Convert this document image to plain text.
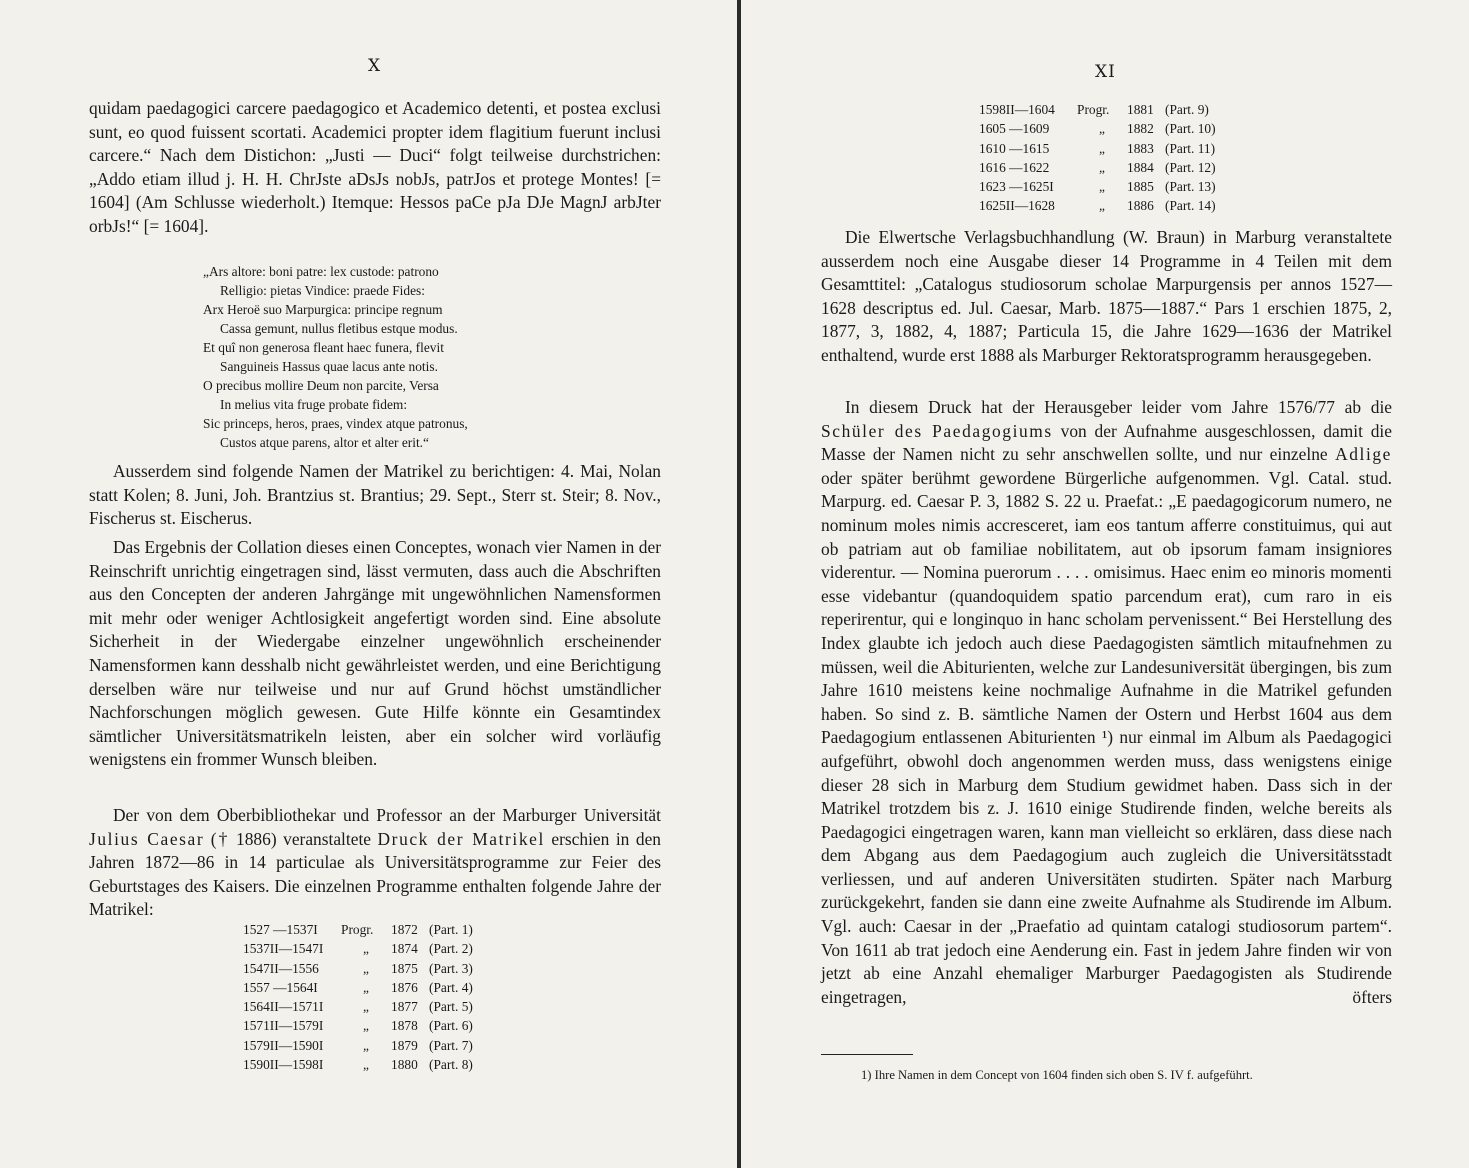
X

quidam paedagogici carcere paedagogico et Academico detenti, et postea exclusi sunt, eo quod fuissent scortati. Academici propter idem flagitium fuerunt inclusi carcere.“ Nach dem Distichon: „Justi — Duci“ folgt teilweise durchstrichen: „Addo etiam illud j. H. H. ChrJste aDsJs nobJs, patrJos et protege Montes! [= 1604] (Am Schlusse wiederholt.) Itemque: Hessos paCe pJa DJe MagnJ arbJter orbJs!“ [= 1604].

„Ars altore: boni patre: lex custode: patrono
Relligio: pietas Vindice: praede Fides:
Arx Heroë suo Marpurgica: principe regnum
Cassa gemunt, nullus fletibus estque modus.
Et quî non generosa fleant haec funera, flevit
Sanguineis Hassus quae lacus ante notis.
O precibus mollire Deum non parcite, Versa
In melius vita fruge probate fidem:
Sic princeps, heros, praes, vindex atque patronus,
Custos atque parens, altor et alter erit.“

Ausserdem sind folgende Namen der Matrikel zu berichtigen: 4. Mai, Nolan statt Kolen; 8. Juni, Joh. Brantzius st. Brantius; 29. Sept., Sterr st. Steir; 8. Nov., Fischerus st. Eischerus.

Das Ergebnis der Collation dieses einen Conceptes, wonach vier Namen in der Reinschrift unrichtig eingetragen sind, lässt vermuten, dass auch die Abschriften aus den Concepten der anderen Jahrgänge mit ungewöhnlichen Namensformen mit mehr oder weniger Achtlosigkeit angefertigt worden sind. Eine absolute Sicherheit in der Wiedergabe einzelner ungewöhnlich erscheinender Namensformen kann desshalb nicht gewährleistet werden, und eine Berichtigung derselben wäre nur teilweise und nur auf Grund höchst umständlicher Nachforschungen möglich gewesen. Gute Hilfe könnte ein Gesamtindex sämtlicher Universitätsmatrikeln leisten, aber ein solcher wird vorläufig wenigstens ein frommer Wunsch bleiben.

Der von dem Oberbibliothekar und Professor an der Marburger Universität Julius Caesar († 1886) veranstaltete Druck der Matrikel erschien in den Jahren 1872—86 in 14 particulae als Universitätsprogramme zur Feier des Geburtstages des Kaisers. Die einzelnen Programme enthalten folgende Jahre der Matrikel:

1527 —1537I	Progr.	1872	(Part. 1)
1537II—1547I	„	1874	(Part. 2)
1547II—1556	„	1875	(Part. 3)
1557 —1564I	„	1876	(Part. 4)
1564II—1571I	„	1877	(Part. 5)
1571II—1579I	„	1878	(Part. 6)
1579II—1590I	„	1879	(Part. 7)
1590II—1598I	„	1880	(Part. 8)
XI
1598II—1604	Progr.	1881	(Part. 9)
1605 —1609	„	1882	(Part. 10)
1610 —1615	„	1883	(Part. 11)
1616 —1622	„	1884	(Part. 12)
1623 —1625I	„	1885	(Part. 13)
1625II—1628	„	1886	(Part. 14)

Die Elwertsche Verlagsbuchhandlung (W. Braun) in Marburg veranstaltete ausserdem noch eine Ausgabe dieser 14 Programme in 4 Teilen mit dem Gesamttitel: „Catalogus studiosorum scholae Marpurgensis per annos 1527—1628 descriptus ed. Jul. Caesar, Marb. 1875—1887.“ Pars 1 erschien 1875, 2, 1877, 3, 1882, 4, 1887; Particula 15, die Jahre 1629—1636 der Matrikel enthaltend, wurde erst 1888 als Marburger Rektoratsprogramm herausgegeben.

In diesem Druck hat der Herausgeber leider vom Jahre 1576/77 ab die Schüler des Paedagogiums von der Aufnahme ausgeschlossen, damit die Masse der Namen nicht zu sehr anschwellen sollte, und nur einzelne Adlige oder später berühmt gewordene Bürgerliche aufgenommen. Vgl. Catal. stud. Marpurg. ed. Caesar P. 3, 1882 S. 22 u. Praefat.: „E paedagogicorum numero, ne nominum moles nimis accresceret, iam eos tantum afferre constituimus, qui aut ob patriam aut ob familiae nobilitatem, aut ob ipsorum famam insigniores viderentur. — Nomina puerorum . . . . omisimus. Haec enim eo minoris momenti esse videbantur (quandoquidem spatio parcendum erat), cum raro in eis reperirentur, qui e longinquo in hanc scholam pervenissent.“ Bei Herstellung des Index glaubte ich jedoch auch diese Paedagogisten sämtlich mitaufnehmen zu müssen, weil die Abiturienten, welche zur Landesuniversität übergingen, bis zum Jahre 1610 meistens keine nochmalige Aufnahme in die Matrikel gefunden haben. So sind z. B. sämtliche Namen der Ostern und Herbst 1604 aus dem Paedagogium entlassenen Abiturienten ¹) nur einmal im Album als Paedagogici aufgeführt, obwohl doch angenommen werden muss, dass wenigstens einige dieser 28 sich in Marburg dem Studium gewidmet haben. Dass sich in der Matrikel trotzdem bis z. J. 1610 einige Studirende finden, welche bereits als Paedagogici eingetragen waren, kann man vielleicht so erklären, dass diese nach dem Abgang aus dem Paedagogium auch zugleich die Universitätsstadt verliessen, und auf anderen Universitäten studirten. Später nach Marburg zurückgekehrt, fanden sie dann eine zweite Aufnahme als Studirende im Album. Vgl. auch: Caesar in der „Praefatio ad quintam catalogi studiosorum partem“. Von 1611 ab trat jedoch eine Aenderung ein. Fast in jedem Jahre finden wir von jetzt ab eine Anzahl ehemaliger Marburger Paedagogisten als Studirende eingetragen, öfters

1) Ihre Namen in dem Concept von 1604 finden sich oben S. IV f. aufgeführt.
